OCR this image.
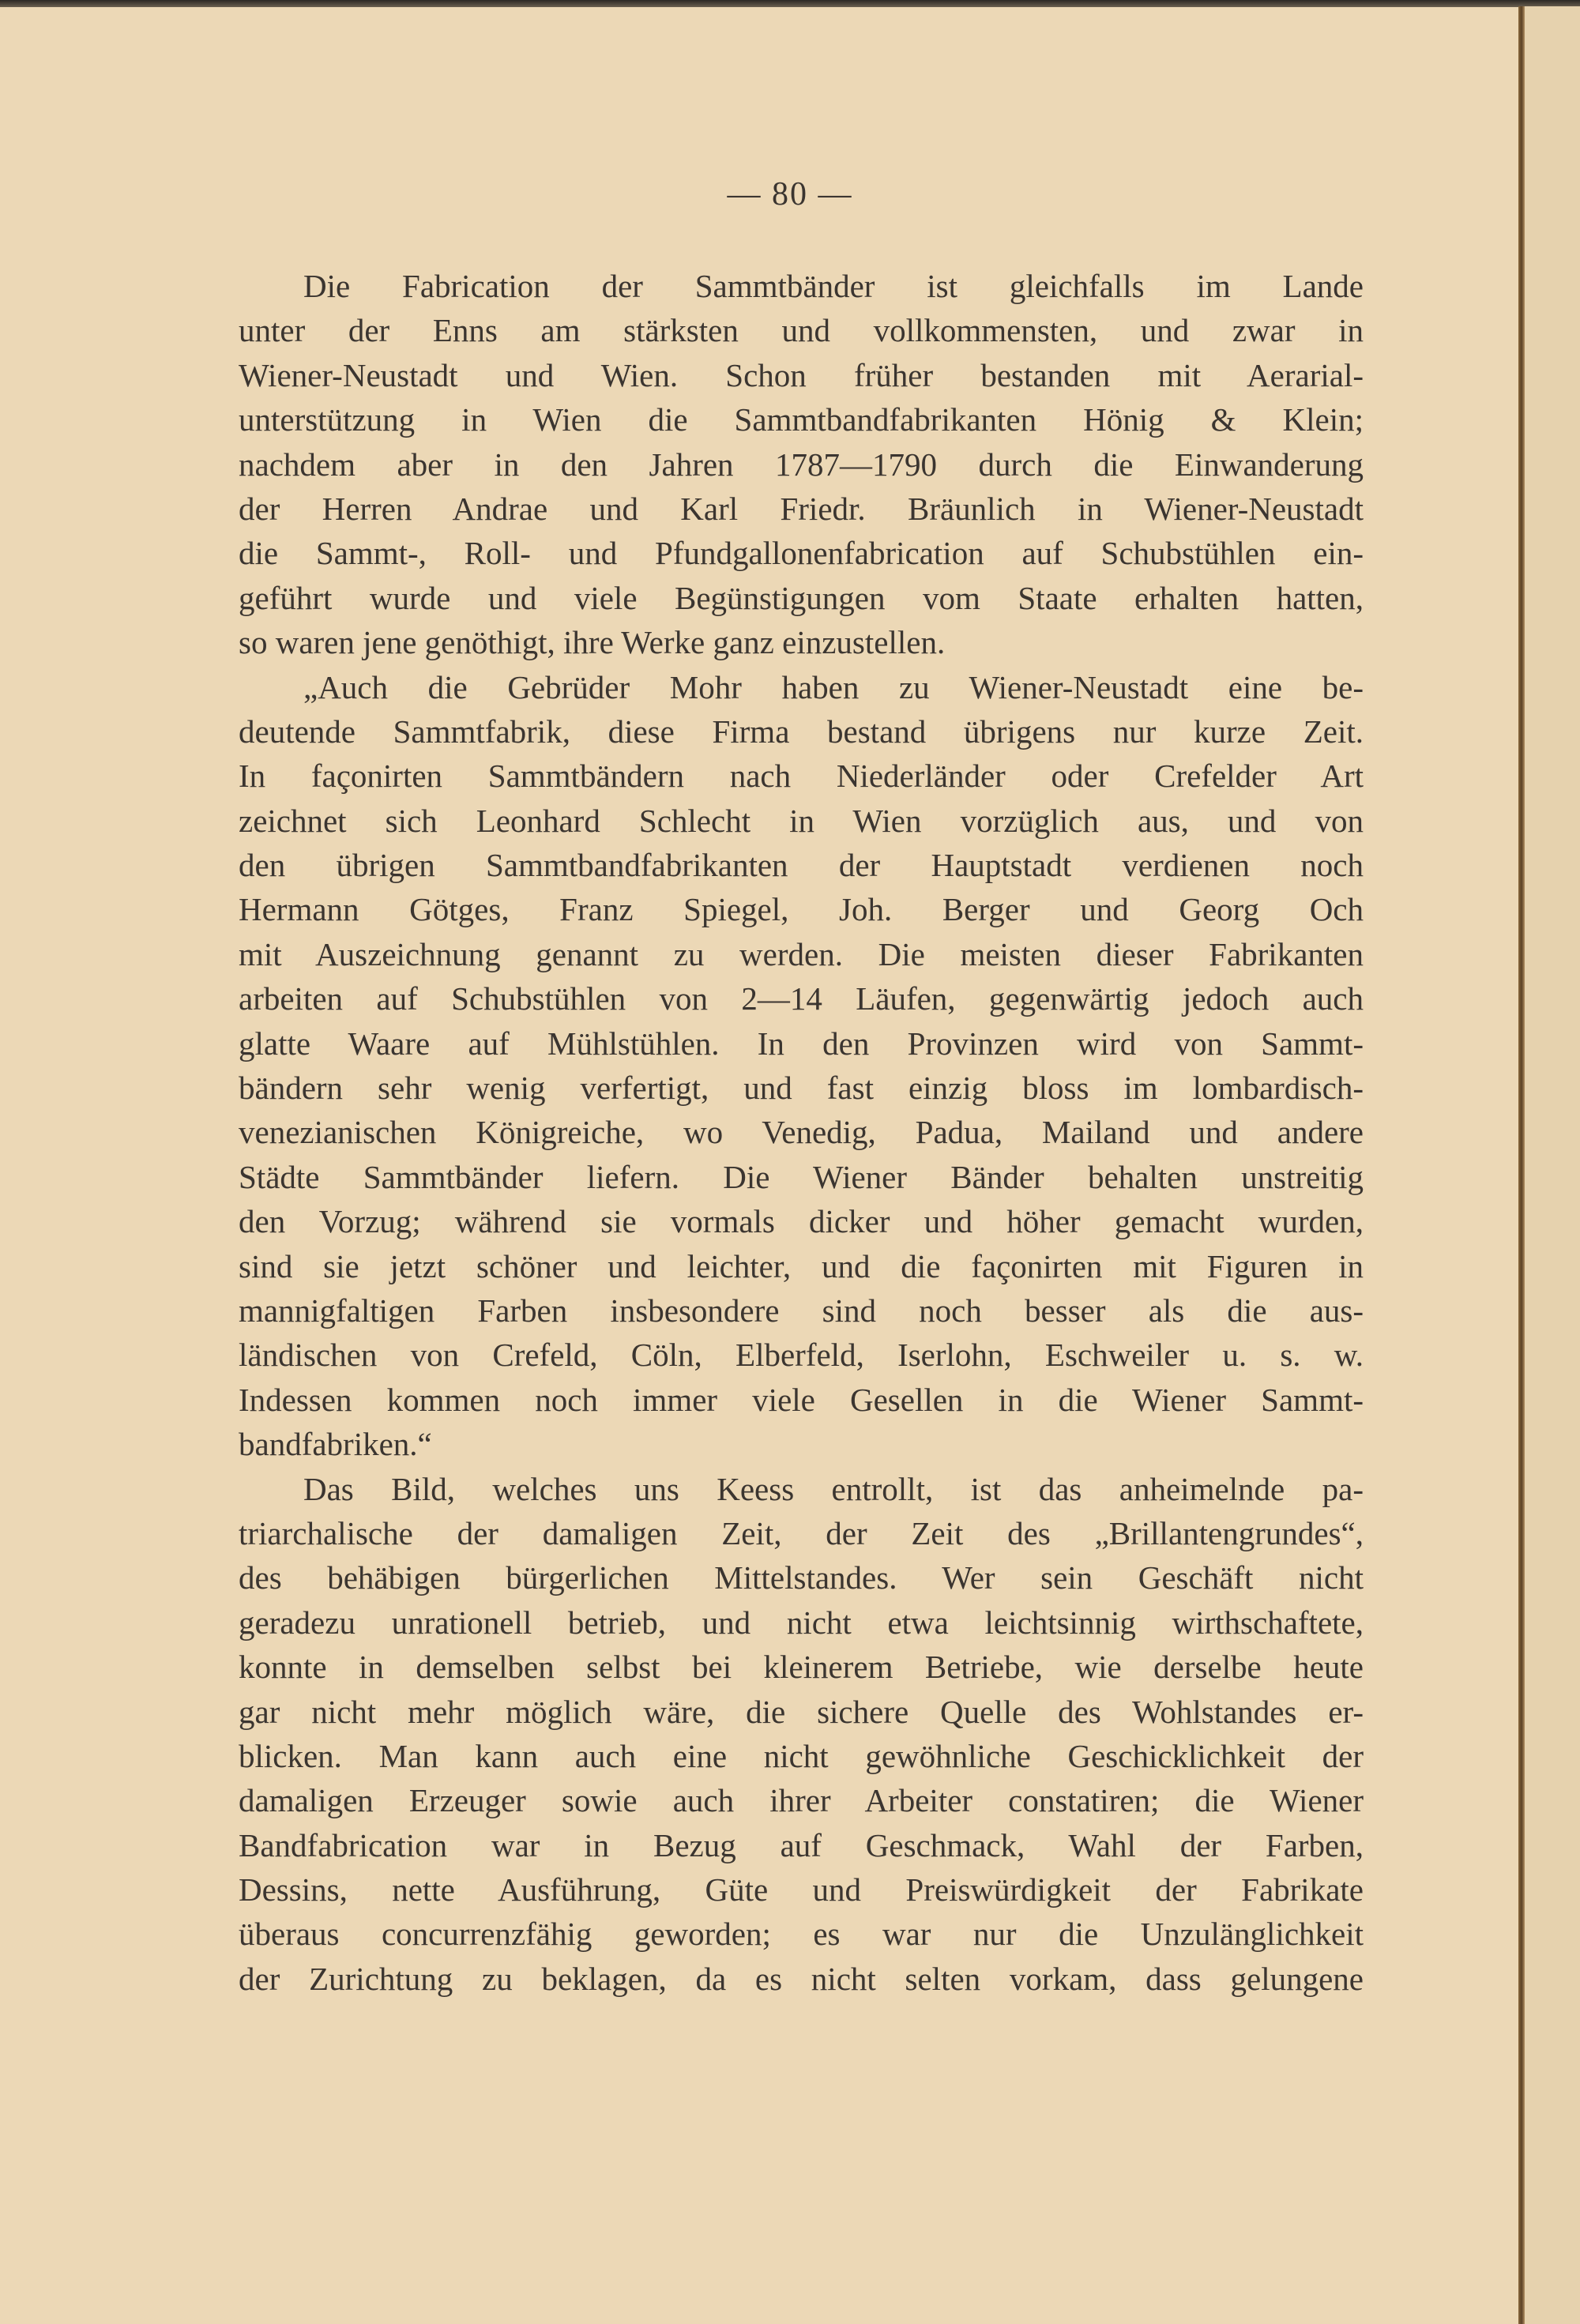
— 80 —
Die Fabrication der Sammtbänder ist gleichfalls im Lande
unter der Enns am stärksten und vollkommensten, und zwar in
Wiener-Neustadt und Wien. Schon früher bestanden mit Aerarial-
unterstützung in Wien die Sammtbandfabrikanten Hönig & Klein;
nachdem aber in den Jahren 1787—1790 durch die Einwanderung
der Herren Andrae und Karl Friedr. Bräunlich in Wiener-Neustadt
die Sammt-, Roll- und Pfundgallonenfabrication auf Schubstühlen ein-
geführt wurde und viele Begünstigungen vom Staate erhalten hatten,
so waren jene genöthigt, ihre Werke ganz einzustellen.
„Auch die Gebrüder Mohr haben zu Wiener-Neustadt eine be-
deutende Sammtfabrik, diese Firma bestand übrigens nur kurze Zeit.
In façonirten Sammtbändern nach Niederländer oder Crefelder Art
zeichnet sich Leonhard Schlecht in Wien vorzüglich aus, und von
den übrigen Sammtbandfabrikanten der Hauptstadt verdienen noch
Hermann Götges, Franz Spiegel, Joh. Berger und Georg Och
mit Auszeichnung genannt zu werden. Die meisten dieser Fabrikanten
arbeiten auf Schubstühlen von 2—14 Läufen, gegenwärtig jedoch auch
glatte Waare auf Mühlstühlen. In den Provinzen wird von Sammt-
bändern sehr wenig verfertigt, und fast einzig bloss im lombardisch-
venezianischen Königreiche, wo Venedig, Padua, Mailand und andere
Städte Sammtbänder liefern. Die Wiener Bänder behalten unstreitig
den Vorzug; während sie vormals dicker und höher gemacht wurden,
sind sie jetzt schöner und leichter, und die façonirten mit Figuren in
mannigfaltigen Farben insbesondere sind noch besser als die aus-
ländischen von Crefeld, Cöln, Elberfeld, Iserlohn, Eschweiler u. s. w.
Indessen kommen noch immer viele Gesellen in die Wiener Sammt-
bandfabriken.“
Das Bild, welches uns Keess entrollt, ist das anheimelnde pa-
triarchalische der damaligen Zeit, der Zeit des „Brillantengrundes“,
des behäbigen bürgerlichen Mittelstandes. Wer sein Geschäft nicht
geradezu unrationell betrieb, und nicht etwa leichtsinnig wirthschaftete,
konnte in demselben selbst bei kleinerem Betriebe, wie derselbe heute
gar nicht mehr möglich wäre, die sichere Quelle des Wohlstandes er-
blicken. Man kann auch eine nicht gewöhnliche Geschicklichkeit der
damaligen Erzeuger sowie auch ihrer Arbeiter constatiren; die Wiener
Bandfabrication war in Bezug auf Geschmack, Wahl der Farben,
Dessins, nette Ausführung, Güte und Preiswürdigkeit der Fabrikate
überaus concurrenzfähig geworden; es war nur die Unzulänglichkeit
der Zurichtung zu beklagen, da es nicht selten vorkam, dass gelungene
